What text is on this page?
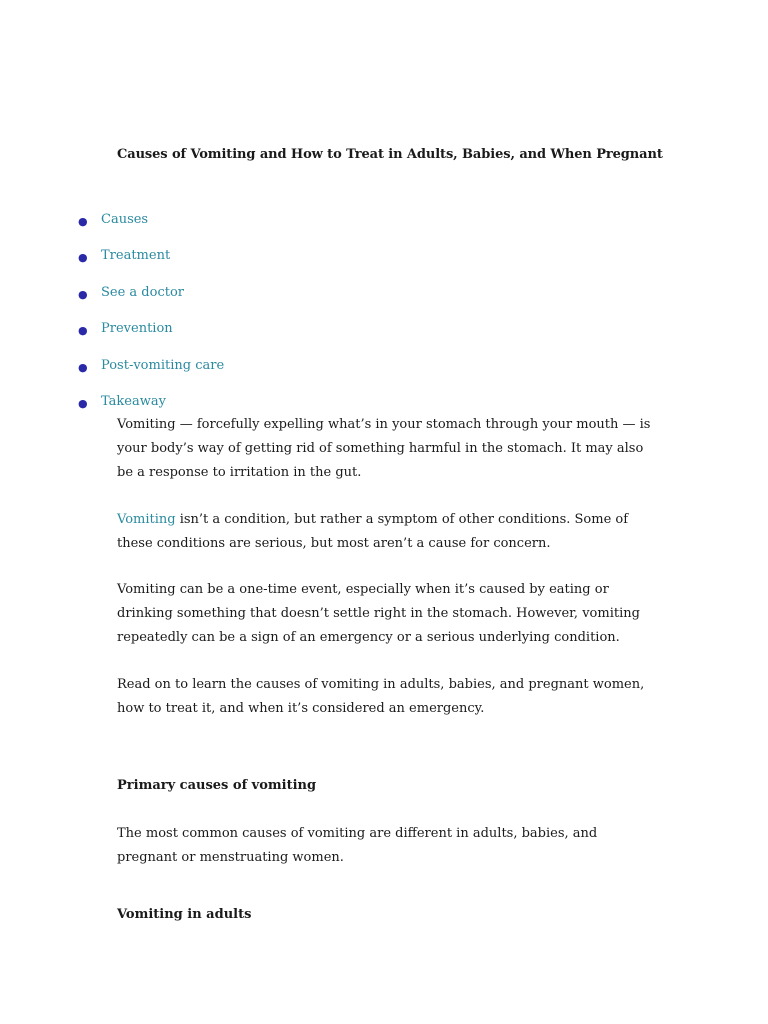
Causes of Vomiting and How to Treat in Adults, Babies, and When Pregnant
● Causes
● Treatment
● See a doctor
● Prevention
● Post-vomiting care
● Takeaway

Vomiting — forcefully expelling what’s in your stomach through your mouth — is your body’s way of getting rid of something harmful in the stomach. It may also be a response to irritation in the gut.

Vomiting isn’t a condition, but rather a symptom of other conditions. Some of these conditions are serious, but most aren’t a cause for concern.

Vomiting can be a one-time event, especially when it’s caused by eating or drinking something that doesn’t settle right in the stomach. However, vomiting repeatedly can be a sign of an emergency or a serious underlying condition.

Read on to learn the causes of vomiting in adults, babies, and pregnant women, how to treat it, and when it’s considered an emergency.

Primary causes of vomiting

The most common causes of vomiting are different in adults, babies, and pregnant or menstruating women.

Vomiting in adults
